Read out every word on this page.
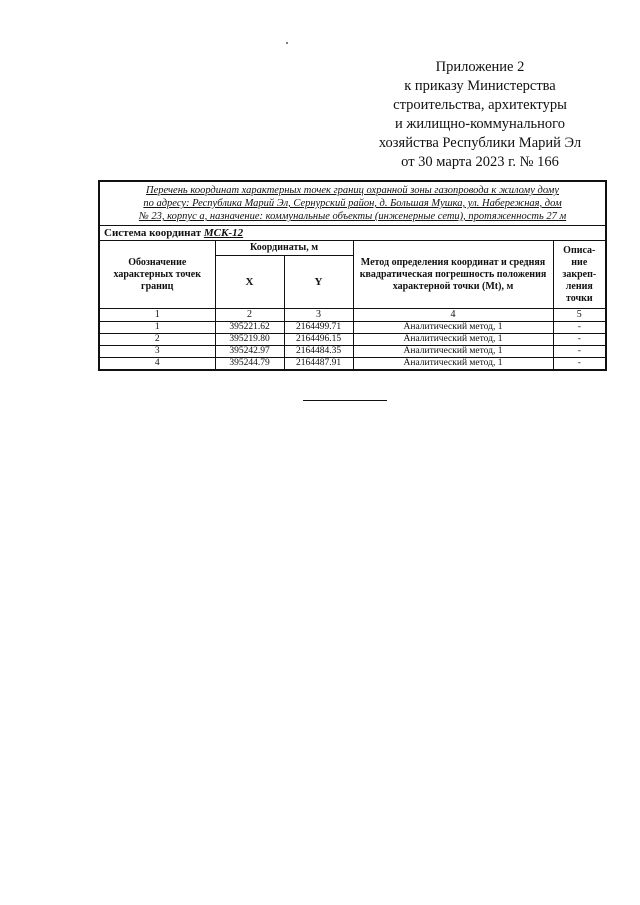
Приложение 2
к приказу Министерства
строительства, архитектуры
и жилищно-коммунального
хозяйства Республики Марий Эл
от 30 марта 2023 г. № 166
Перечень координат характерных точек границ охранной зоны газопровода к жилому дому
по адресу: Республика Марий Эл, Сернурский район, д. Большая Мушка, ул. Набережная, дом
№ 23, корпус а, назначение: коммунальные объекты (инженерные сети), протяженность 27 м				

Система координат МСК-12				
Обозначение характерных точек границ	Координаты, м		Метод определения координат и средняя квадратическая погрешность положения характерной точки (Mt), м	Описа-ние закреп-ления точки
	X	Y		
1	2	3	4	5
1	395221.62	2164499.71	Аналитический метод, 1	-
2	395219.80	2164496.15	Аналитический метод, 1	-
3	395242.97	2164484.35	Аналитический метод, 1	-
4	395244.79	2164487.91	Аналитический метод, 1	-
